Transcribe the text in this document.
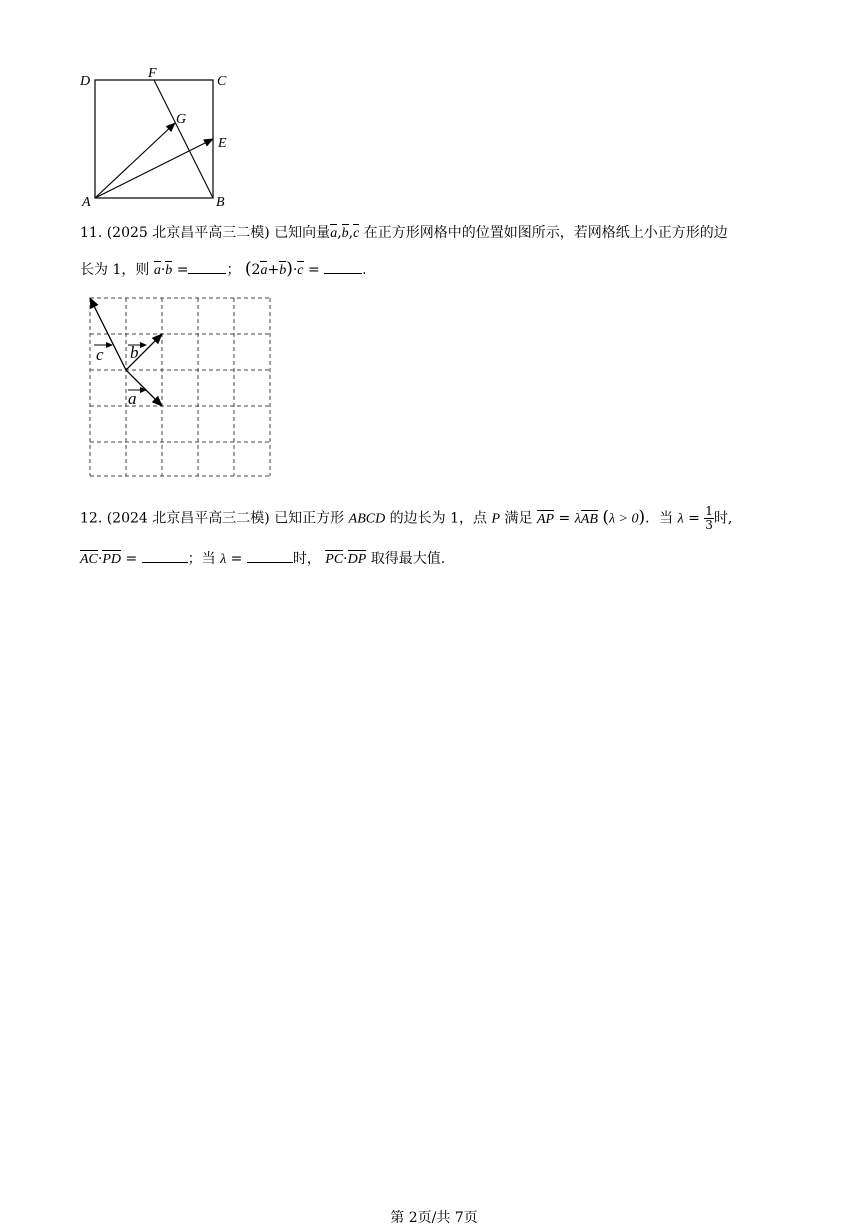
D
F
C
G
E
A	B
11. (2025 北京昌平高三二模) 已知向量a,b,c 在正方形网格中的位置如图所示，若网格纸上小正方形的边
长为 1，则 a·b =	； (2a+b)·c =	.
c b
a
12. (2024 北京昌平高三二模) 已知正方形 ABCD 的边长为 1，点 P 满足 AP = λAB (λ > 0)．当 $\lambda = \frac{1}{3}$ 时,
AC·PD =	；当 λ =	时， PC·DP 取得最大值.
第 2页/共 7页
